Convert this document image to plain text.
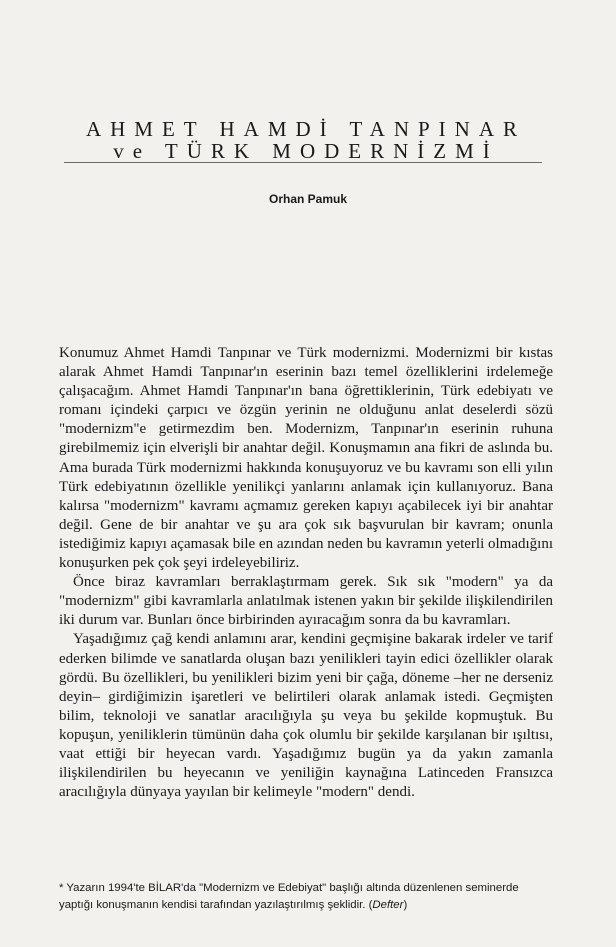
AHMET HAMDİ TANPINAR
ve TÜRK MODERNİZMİ
Orhan Pamuk

Konumuz Ahmet Hamdi Tanpınar ve Türk modernizmi. Modernizmi bir kıstas alarak Ahmet Hamdi Tanpınar'ın eserinin bazı temel özelliklerini irdelemeğe çalışacağım. Ahmet Hamdi Tanpınar'ın bana öğrettiklerinin, Türk edebiyatı ve romanı içindeki çarpıcı ve özgün yerinin ne olduğunu anlat deselerdi sözü "modernizm"e getirmezdim ben. Modernizm, Tanpınar'ın eserinin ruhuna girebilmemiz için elverişli bir anahtar değil. Konuşmamın ana fikri de aslında bu. Ama burada Türk modernizmi hakkında konuşuyoruz ve bu kavramı son elli yılın Türk edebiyatının özellikle yenilikçi yanlarını anlamak için kullanıyoruz. Bana kalırsa "modernizm" kavramı açmamız gereken kapıyı açabilecek iyi bir anahtar değil. Gene de bir anahtar ve şu ara çok sık başvurulan bir kavram; onunla istediğimiz kapıyı açamasak bile en azından neden bu kavramın yeterli olmadığını konuşurken pek çok şeyi irdeleyebiliriz.

Önce biraz kavramları berraklaştırmam gerek. Sık sık "modern" ya da "modernizm" gibi kavramlarla anlatılmak istenen yakın bir şekilde ilişkilendirilen iki durum var. Bunları önce birbirinden ayıracağım sonra da bu kavramları.

Yaşadığımız çağ kendi anlamını arar, kendini geçmişine bakarak irdeler ve tarif ederken bilimde ve sanatlarda oluşan bazı yenilikleri tayin edici özellikler olarak gördü. Bu özellikleri, bu yenilikleri bizim yeni bir çağa, döneme –her ne derseniz deyin– girdiğimizin işaretleri ve belirtileri olarak anlamak istedi. Geçmişten bilim, teknoloji ve sanatlar aracılığıyla şu veya bu şekilde kopmuştuk. Bu kopuşun, yeniliklerin tümünün daha çok olumlu bir şekilde karşılanan bir ışıltısı, vaat ettiği bir heyecan vardı. Yaşadığımız bugün ya da yakın zamanla ilişkilendirilen bu heyecanın ve yeniliğin kaynağına Latinceden Fransızca aracılığıyla dünyaya yayılan bir kelimeyle "modern" dendi.

* Yazarın 1994'te BİLAR'da "Modernizm ve Edebiyat" başlığı altında düzenlenen seminerde yaptığı konuşmanın kendisi tarafından yazılaştırılmış şeklidir. (Defter)
